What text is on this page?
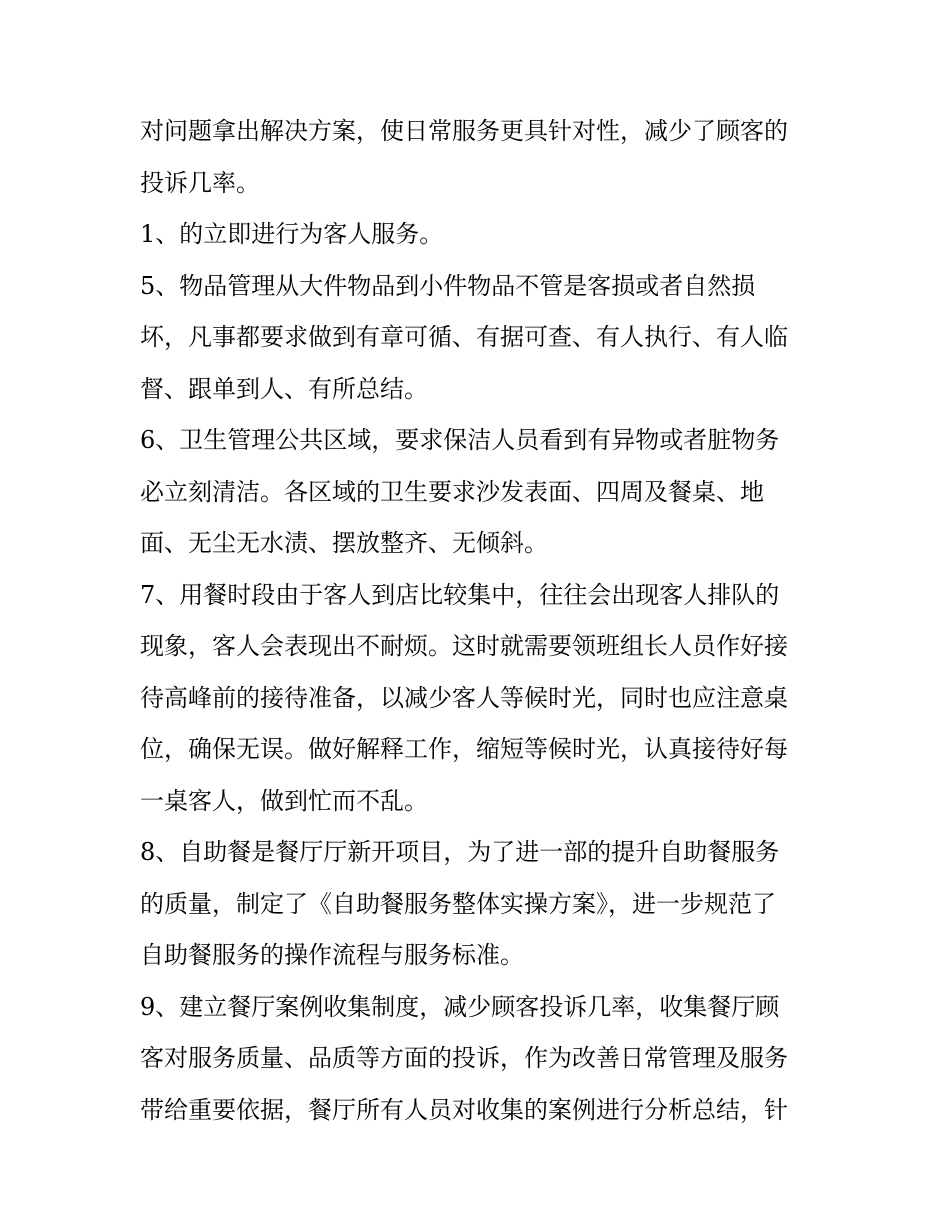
对问题拿出解决方案，使日常服务更具针对性，减少了顾客的
投诉几率。
1、的立即进行为客人服务。
5、物品管理从大件物品到小件物品不管是客损或者自然损
坏，凡事都要求做到有章可循、有据可查、有人执行、有人临
督、跟单到人、有所总结。
6、卫生管理公共区域，要求保洁人员看到有异物或者脏物务
必立刻清洁。各区域的卫生要求沙发表面、四周及餐桌、地
面、无尘无水渍、摆放整齐、无倾斜。
7、用餐时段由于客人到店比较集中，往往会出现客人排队的
现象，客人会表现出不耐烦。这时就需要领班组长人员作好接
待高峰前的接待准备，以减少客人等候时光，同时也应注意桌
位，确保无误。做好解释工作，缩短等候时光，认真接待好每
一桌客人，做到忙而不乱。
8、自助餐是餐厅厅新开项目，为了进一部的提升自助餐服务
的质量，制定了《自助餐服务整体实操方案》，进一步规范了
自助餐服务的操作流程与服务标准。
9、建立餐厅案例收集制度，减少顾客投诉几率，收集餐厅顾
客对服务质量、品质等方面的投诉，作为改善日常管理及服务
带给重要依据，餐厅所有人员对收集的案例进行分析总结，针
